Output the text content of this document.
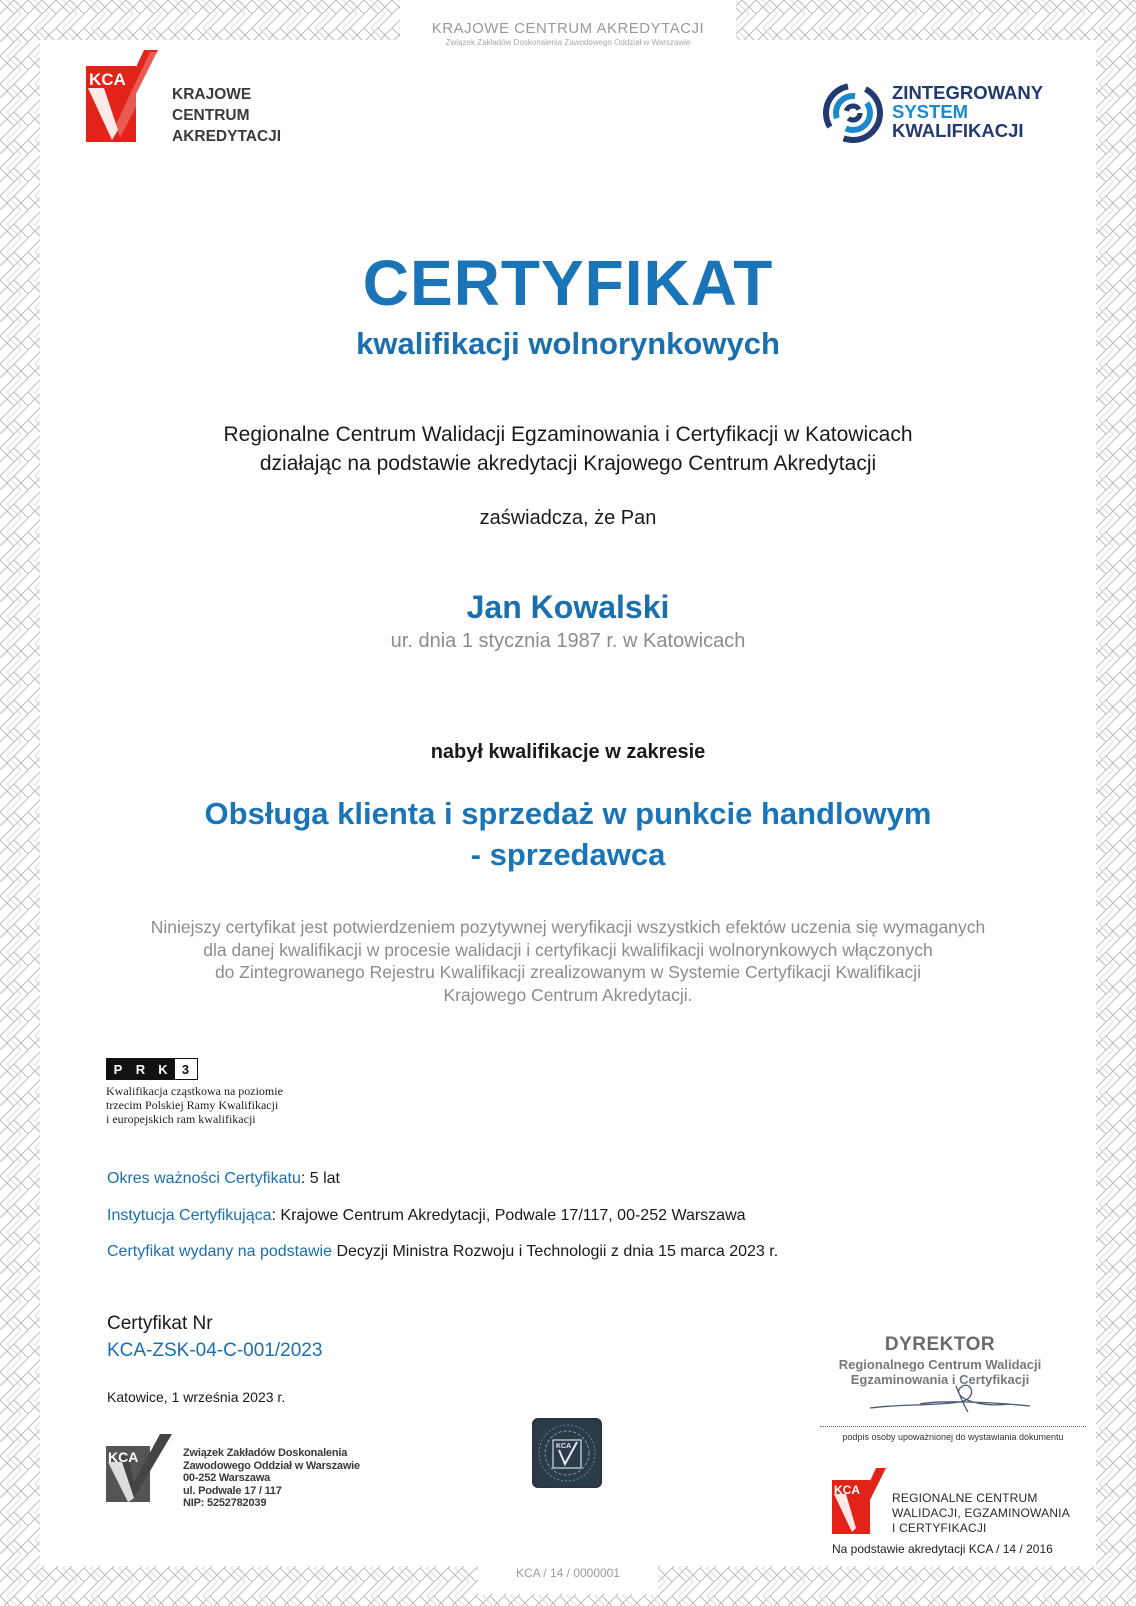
KRAJOWE CENTRUM AKREDYTACJI
Związek Zakładów Doskonalenia Zawodowego Oddział w Warszawie
KCA
KRAJOWE
CENTRUM
AKREDYTACJI
ZINTEGROWANY
SYSTEM
KWALIFIKACJI
CERTYFIKAT
kwalifikacji wolnorynkowych
Regionalne Centrum Walidacji Egzaminowania i Certyfikacji w Katowicach
działając na podstawie akredytacji Krajowego Centrum Akredytacji
zaświadcza, że Pan
Jan Kowalski
ur. dnia 1 stycznia 1987 r. w Katowicach
nabył kwalifikacje w zakresie
Obsługa klienta i sprzedaż w punkcie handlowym
- sprzedawca
Niniejszy certyfikat jest potwierdzeniem pozytywnej weryfikacji wszystkich efektów uczenia się wymaganych
dla danej kwalifikacji w procesie walidacji i certyfikacji kwalifikacji wolnorynkowych włączonych
do Zintegrowanego Rejestru Kwalifikacji zrealizowanym w Systemie Certyfikacji Kwalifikacji
Krajowego Centrum Akredytacji.
P	R	K	3
Kwalifikacja cząstkowa na poziomie
trzecim Polskiej Ramy Kwalifikacji
i europejskich ram kwalifikacji
Okres ważności Certyfikatu: 5 lat
Instytucja Certyfikująca: Krajowe Centrum Akredytacji, Podwale 17/117, 00-252 Warszawa
Certyfikat wydany na podstawie Decyzji Ministra Rozwoju i Technologii z dnia 15 marca 2023 r.
Certyfikat Nr
KCA-ZSK-04-C-001/2023
Katowice, 1 września 2023 r.
KCA	Związek Zakładów Doskonalenia
Zawodowego Oddział w Warszawie
00-252 Warszawa
ul. Podwale 17 / 117
NIP: 5252782039
KCA
DYREKTOR
Regionalnego Centrum Walidacji
Egzaminowania i Certyfikacji
podpis osoby upoważnionej do wystawiania dokumentu
KCA
REGIONALNE CENTRUM
WALIDACJI, EGZAMINOWANIA
I CERTYFIKACJI
Na podstawie akredytacji KCA / 14 / 2016
KCA / 14 / 0000001
